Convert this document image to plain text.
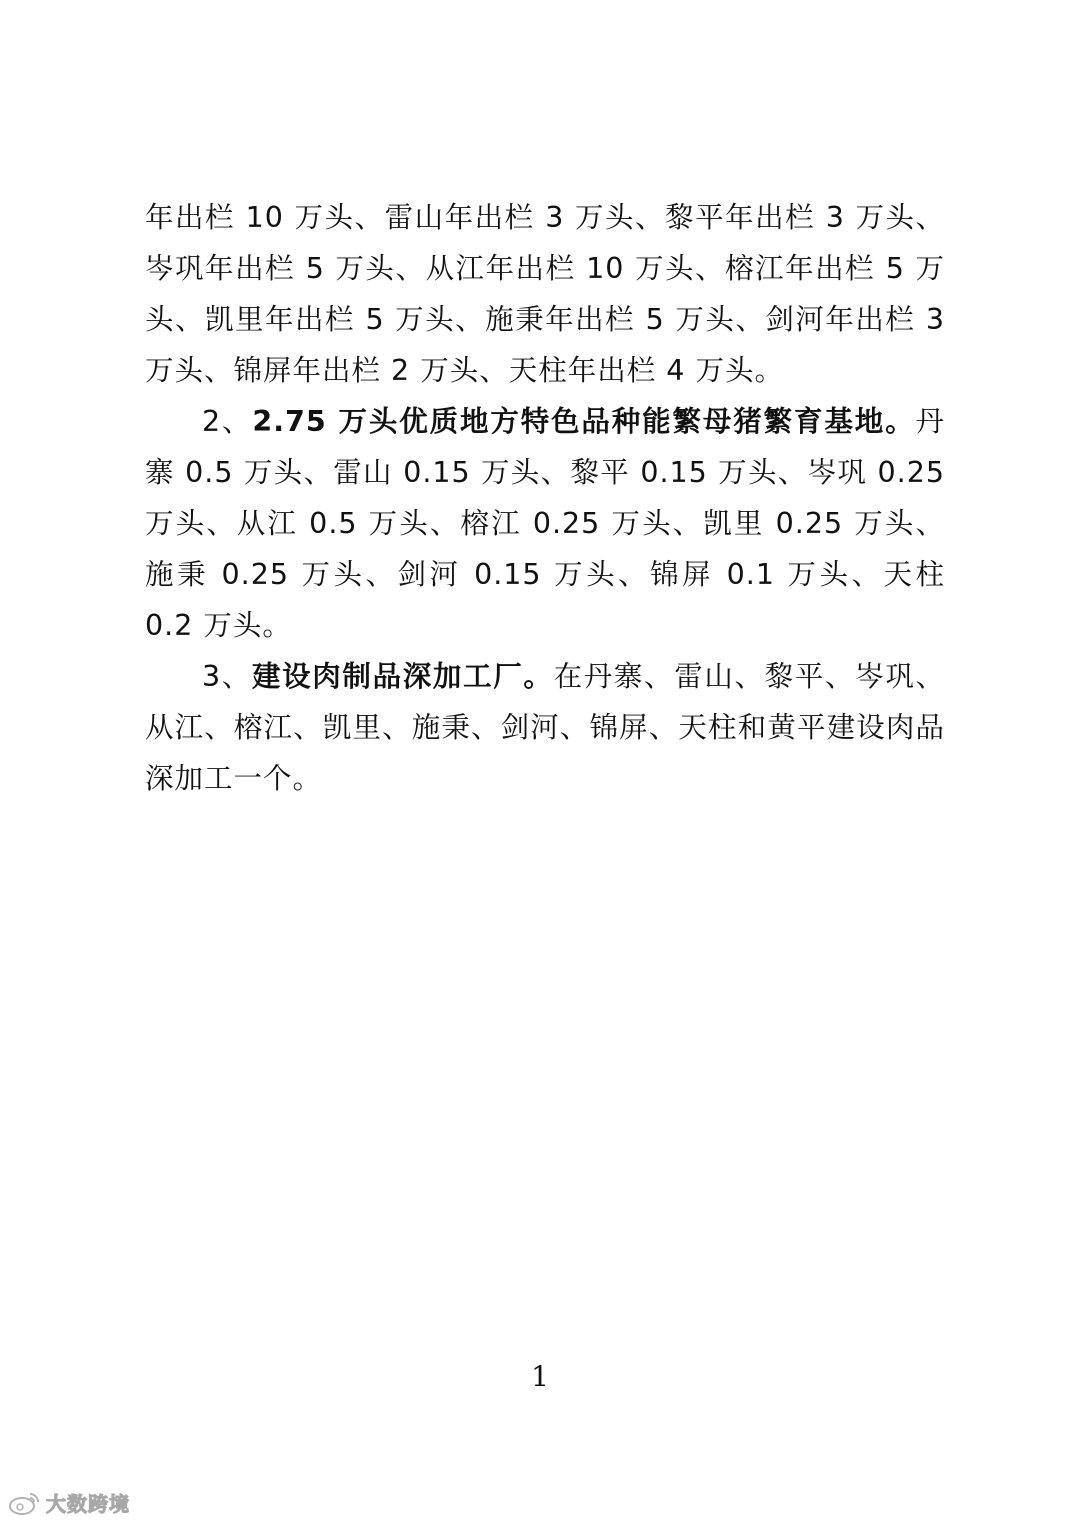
年出栏 10 万头、雷山年出栏 3 万头、黎平年出栏 3 万头、岑巩年出栏 5 万头、从江年出栏 10 万头、榕江年出栏 5 万头、凯里年出栏 5 万头、施秉年出栏 5 万头、剑河年出栏 3 万头、锦屏年出栏 2 万头、天柱年出栏 4 万头。

2、2.75 万头优质地方特色品种能繁母猪繁育基地。丹寨 0.5 万头、雷山 0.15 万头、黎平 0.15 万头、岑巩 0.25 万头、从江 0.5 万头、榕江 0.25 万头、凯里 0.25 万头、施秉 0.25 万头、剑河 0.15 万头、锦屏 0.1 万头、天柱 0.2 万头。

3、建设肉制品深加工厂。在丹寨、雷山、黎平、岑巩、从江、榕江、凯里、施秉、剑河、锦屏、天柱和黄平建设肉品深加工一个。

1
大数跨境
